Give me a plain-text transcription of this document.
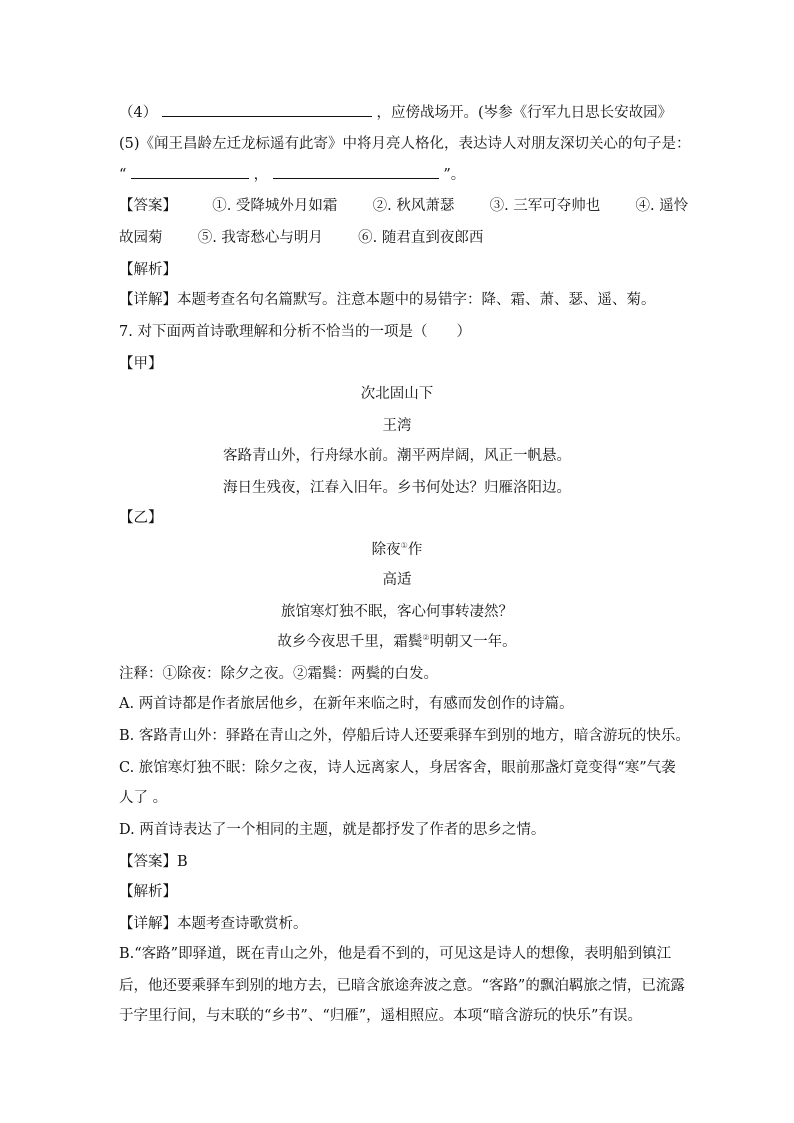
（4）	，应傍战场开。(岑参《行军九日思长安故园》
(5)《闻王昌龄左迁龙标遥有此寄》中将月亮人格化，表达诗人对朋友深切关心的句子是：
“	，	”。
【答案】 ①. 受降城外月如霜 ②. 秋风萧瑟 ③. 三军可夺帅也 ④. 遥怜
故园菊 ⑤. 我寄愁心与明月 ⑥. 随君直到夜郎西
【解析】
【详解】本题考查名句名篇默写。注意本题中的易错字：降、霜、萧、瑟、遥、菊。
7. 对下面两首诗歌理解和分析不恰当的一项是（　　）
【甲】
次北固山下
王湾
客路青山外，行舟绿水前。潮平两岸阔，风正一帆悬。
海日生残夜，江春入旧年。乡书何处达？归雁洛阳边。
【乙】
除夜①作
高适
旅馆寒灯独不眠，客心何事转凄然？
故乡今夜思千里，霜鬓②明朝又一年。
注释：①除夜：除夕之夜。②霜鬓：两鬓的白发。
A. 两首诗都是作者旅居他乡，在新年来临之时，有感而发创作的诗篇。
B. 客路青山外：驿路在青山之外，停船后诗人还要乘驿车到别的地方，暗含游玩的快乐。
C. 旅馆寒灯独不眠：除夕之夜，诗人远离家人，身居客舍，眼前那盏灯竟变得“寒”气袭
人了 。
D. 两首诗表达了一个相同的主题，就是都抒发了作者的思乡之情。
【答案】B
【解析】
【详解】本题考查诗歌赏析。
B.“客路”即驿道，既在青山之外，他是看不到的，可见这是诗人的想像，表明船到镇江
后，他还要乘驿车到别的地方去，已暗含旅途奔波之意。“客路”的飘泊羁旅之情，已流露
于字里行间，与末联的“乡书”、“归雁”，遥相照应。本项“暗含游玩的快乐”有误。
